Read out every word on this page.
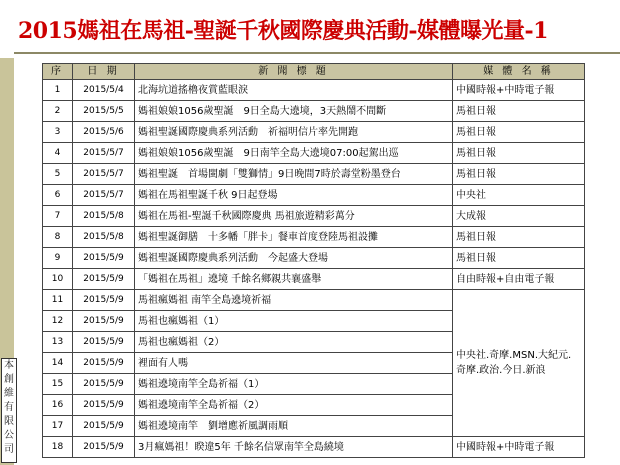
2015媽祖在馬祖-聖誕千秋國際慶典活動-媒體曝光量-1
本
創
維
有
限
公
司
序	日 期	新 聞 標 題	媒 體 名 稱
1	2015/5/4	北海坑道搖櫓夜賞藍眼淚	中國時報+中時電子報
2	2015/5/5	媽祖娘娘1056歲聖誕　9日全島大遶境，3天熱鬧不間斷	馬祖日報
3	2015/5/6	媽祖聖誕國際慶典系列活動　祈福明信片率先開跑	馬祖日報
4	2015/5/7	媽祖娘娘1056歲聖誕　9日南竿全島大遶境07:00起駕出巡	馬祖日報
5	2015/5/7	媽祖聖誕　首場閩劇「雙獅情」9日晚間7時於壽堂粉墨登台	馬祖日報
6	2015/5/7	媽祖在馬祖聖誕千秋 9日起登場	中央社
7	2015/5/8	媽祖在馬祖-聖誕千秋國際慶典 馬祖旅遊精彩萬分	大成報
8	2015/5/8	媽祖聖誕御膳　十多幡「胖卡」餐車首度登陸馬祖設攤	馬祖日報
9	2015/5/9	媽祖聖誕國際慶典系列活動　今起盛大登場	馬祖日報
10	2015/5/9	「媽祖在馬祖」遶境 千餘名鄉親共襄盛舉	自由時報+自由電子報
11	2015/5/9	馬祖瘋媽祖 南竿全島遶境祈福	中央社.奇摩.MSN.大紀元.奇摩.政治.今日.新浪
12	2015/5/9	馬祖也瘋媽祖（1）	
13	2015/5/9	馬祖也瘋媽祖（2）	
14	2015/5/9	裡面有人嗎	
15	2015/5/9	媽祖遶境南竿全島祈福（1）	
16	2015/5/9	媽祖遶境南竿全島祈福（2）	
17	2015/5/9	媽祖遶境南竿　劉增應祈風調雨順	
18	2015/5/9	3月瘋媽祖！睽違5年 千餘名信眾南竿全島繞境	中國時報+中時電子報
